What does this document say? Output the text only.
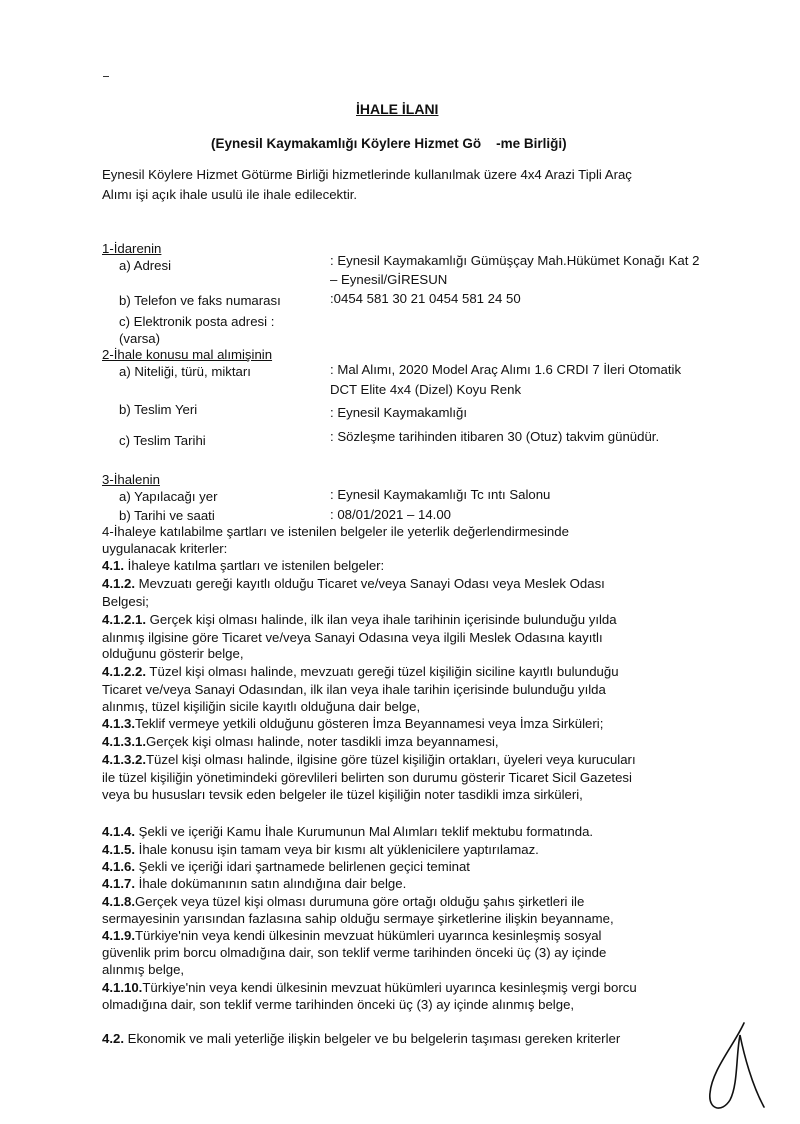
İHALE İLANI
(Eynesil Kaymakamlığı Köylere Hizmet Gö    -me Birliği)
Eynesil Köylere Hizmet Götürme Birliği hizmetlerinde kullanılmak üzere 4x4 Arazi Tipli Araç
Alımı işi açık ihale usulü ile ihale edilecektir.
1-İdarenin
a) Adresi	: Eynesil Kaymakamlığı Gümüşçay Mah.Hükümet Konağı Kat 2
– Eynesil/GİRESUN
b) Telefon ve faks numarası	:0454 581 30 21 0454 581 24 50
c) Elektronik posta adresi :
(varsa)
2-İhale konusu mal alımişinin
a) Niteliği, türü, miktarı	: Mal Alımı, 2020 Model Araç Alımı 1.6 CRDI 7 İleri Otomatik
DCT Elite 4x4 (Dizel) Koyu Renk
b) Teslim Yeri	: Eynesil Kaymakamlığı
c) Teslim Tarihi	: Sözleşme tarihinden itibaren 30 (Otuz) takvim günüdür.
3-İhalenin
a) Yapılacağı yer	: Eynesil Kaymakamlığı Tc ıntı Salonu
b) Tarihi ve saati	: 08/01/2021 – 14.00
4-İhaleye katılabilme şartları ve istenilen belgeler ile yeterlik değerlendirmesinde
uygulanacak kriterler:
4.1. İhaleye katılma şartları ve istenilen belgeler:
4.1.2. Mevzuatı gereği kayıtlı olduğu Ticaret ve/veya Sanayi Odası veya Meslek Odası
Belgesi;
4.1.2.1. Gerçek kişi olması halinde, ilk ilan veya ihale tarihinin içerisinde bulunduğu yılda
alınmış ilgisine göre Ticaret ve/veya Sanayi Odasına veya ilgili Meslek Odasına kayıtlı
olduğunu gösterir belge,
4.1.2.2. Tüzel kişi olması halinde, mevzuatı gereği tüzel kişiliğin siciline kayıtlı bulunduğu
Ticaret ve/veya Sanayi Odasından, ilk ilan veya ihale tarihin içerisinde bulunduğu yılda
alınmış, tüzel kişiliğin sicile kayıtlı olduğuna dair belge,
4.1.3.Teklif vermeye yetkili olduğunu gösteren İmza Beyannamesi veya İmza Sirküleri;
4.1.3.1.Gerçek kişi olması halinde, noter tasdikli imza beyannamesi,
4.1.3.2.Tüzel kişi olması halinde, ilgisine göre tüzel kişiliğin ortakları, üyeleri veya kurucuları
ile tüzel kişiliğin yönetimindeki görevlileri belirten son durumu gösterir Ticaret Sicil Gazetesi
veya bu hususları tevsik eden belgeler ile tüzel kişiliğin noter tasdikli imza sirküleri,
4.1.4. Şekli ve içeriği Kamu İhale Kurumunun Mal Alımları teklif mektubu formatında.
4.1.5. İhale konusu işin tamam veya bir kısmı alt yüklenicilere yaptırılamaz.
4.1.6. Şekli ve içeriği idari şartnamede belirlenen geçici teminat
4.1.7. İhale dokümanının satın alındığına dair belge.
4.1.8.Gerçek veya tüzel kişi olması durumuna göre ortağı olduğu şahıs şirketleri ile
sermayesinin yarısından fazlasına sahip olduğu sermaye şirketlerine ilişkin beyanname,
4.1.9.Türkiye'nin veya kendi ülkesinin mevzuat hükümleri uyarınca kesinleşmiş sosyal
güvenlik prim borcu olmadığına dair, son teklif verme tarihinden önceki üç (3) ay içinde
alınmış belge,
4.1.10.Türkiye'nin veya kendi ülkesinin mevzuat hükümleri uyarınca kesinleşmiş vergi borcu
olmadığına dair, son teklif verme tarihinden önceki üç (3) ay içinde alınmış belge,
4.2. Ekonomik ve mali yeterliğe ilişkin belgeler ve bu belgelerin taşıması gereken kriterler
